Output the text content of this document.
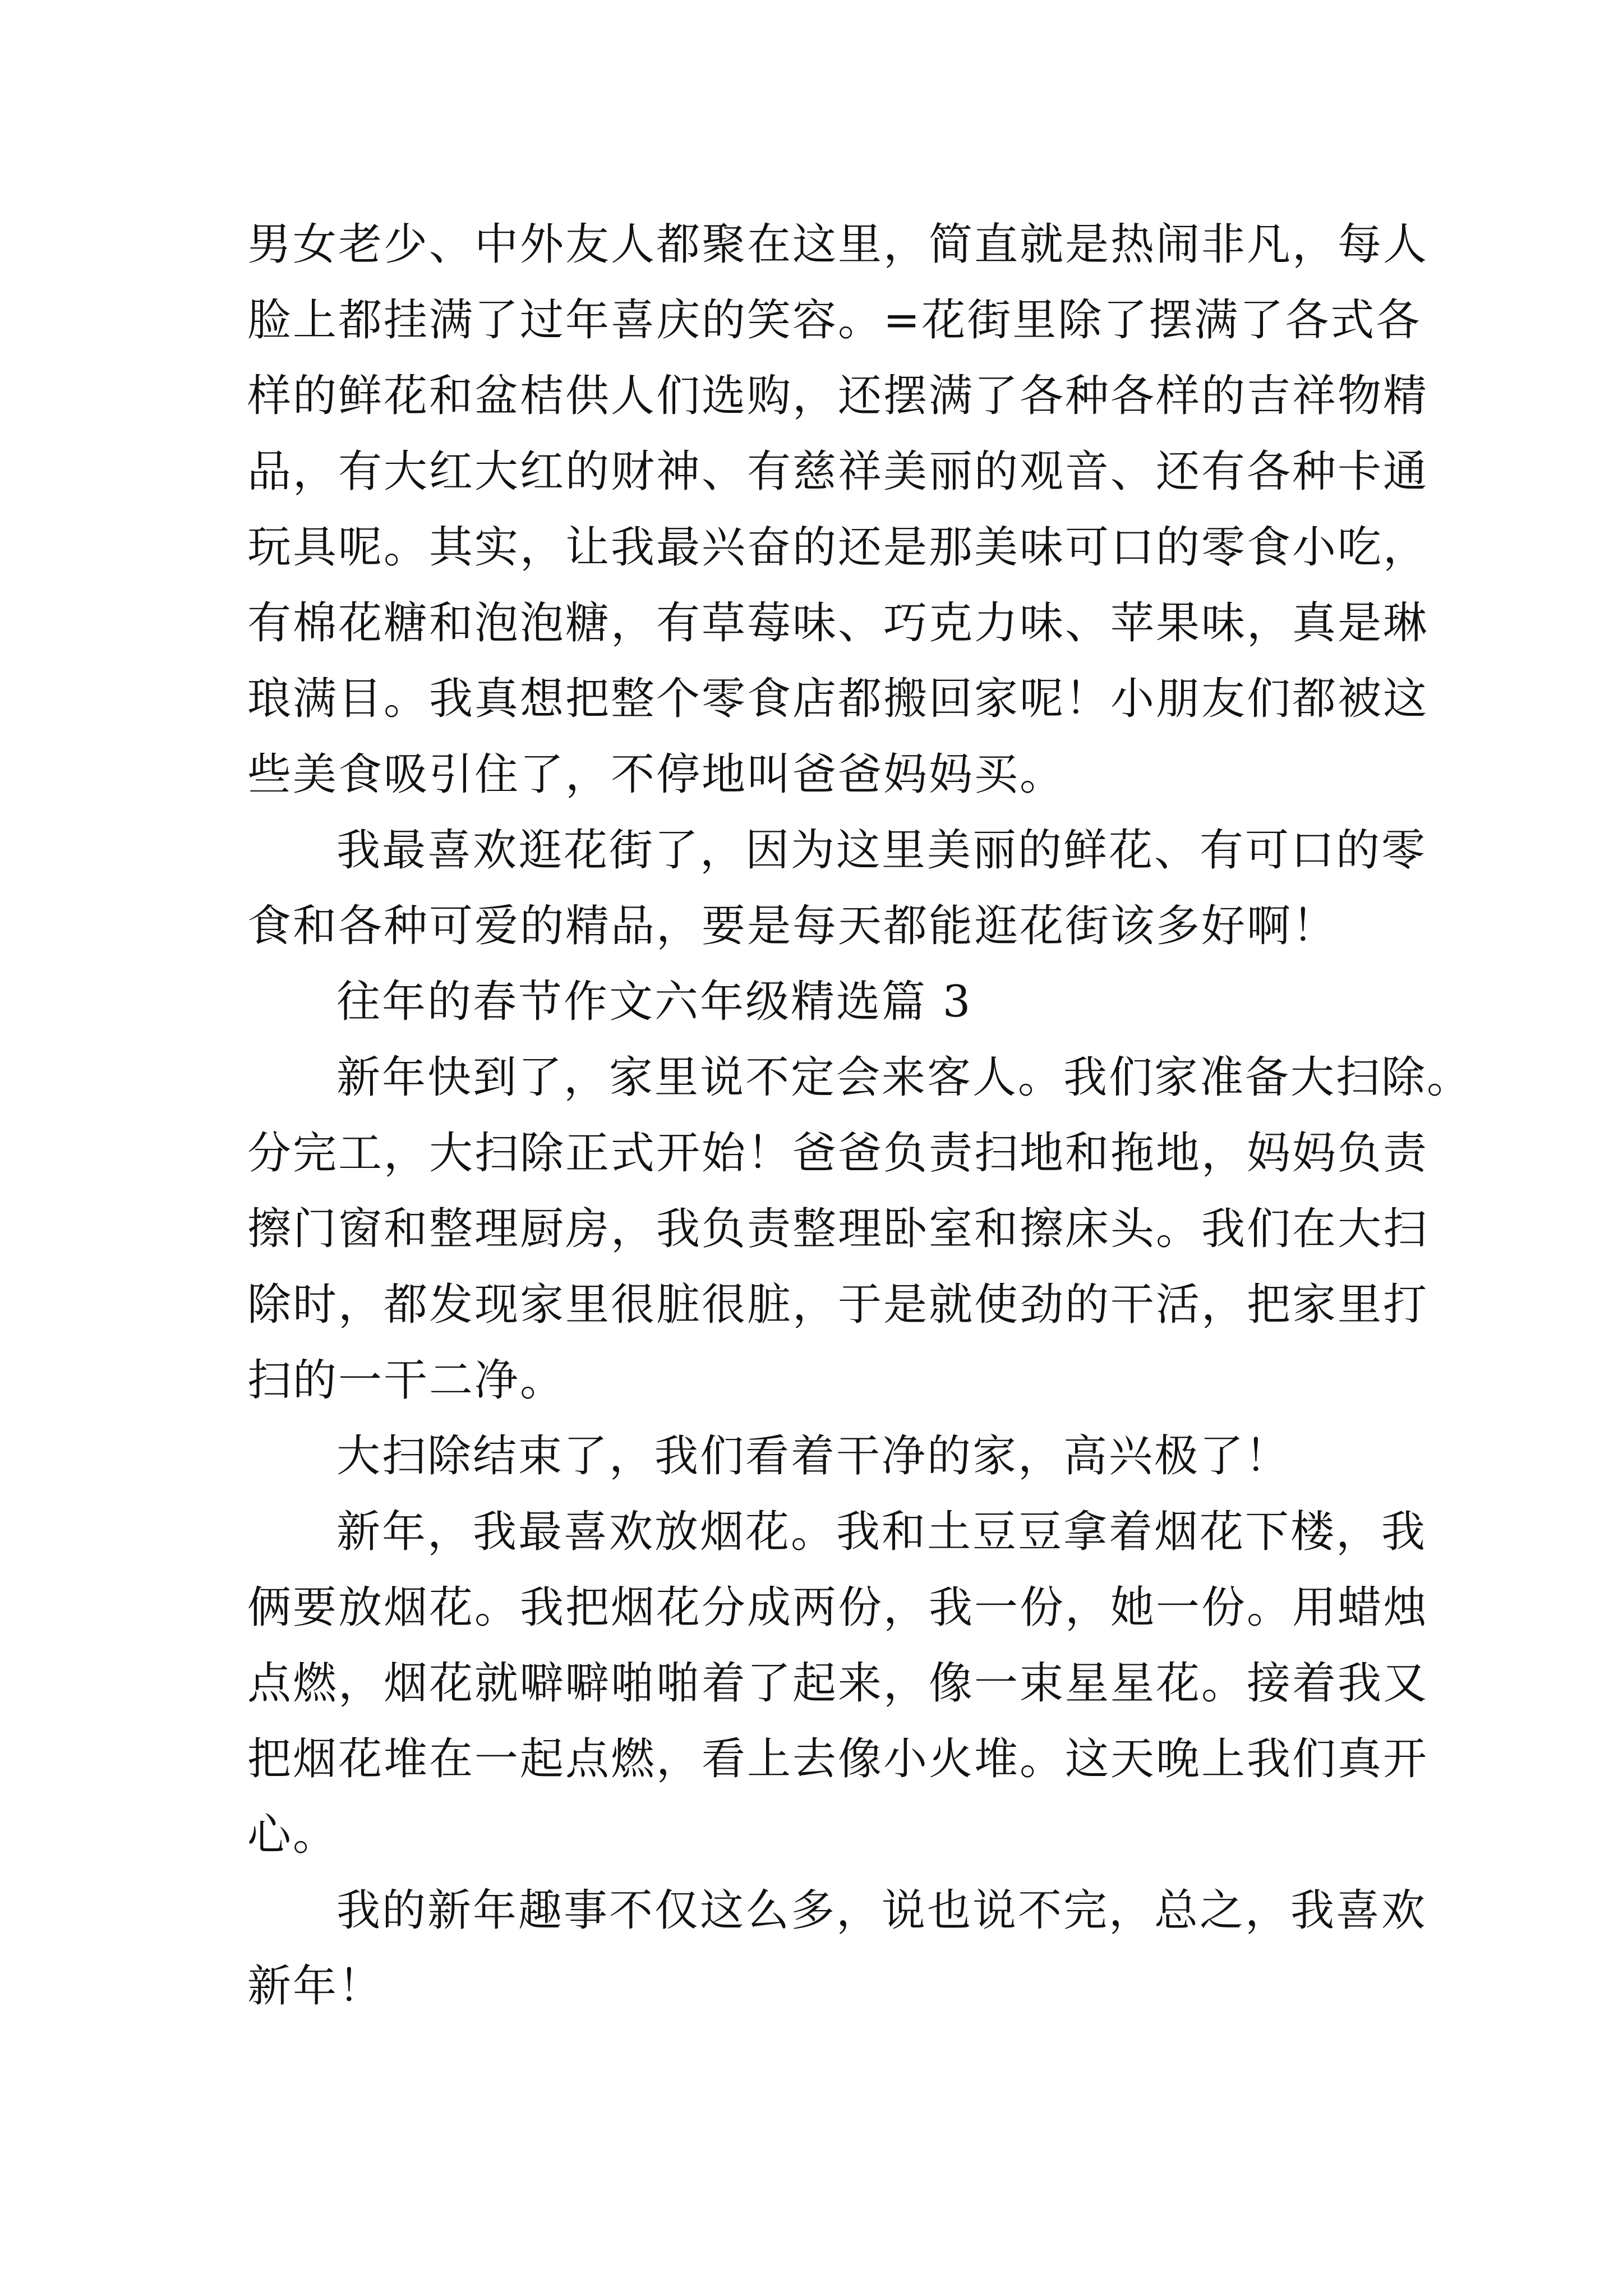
男女老少、中外友人都聚在这里，简直就是热闹非凡，每人

脸上都挂满了过年喜庆的笑容。=花街里除了摆满了各式各

样的鲜花和盆桔供人们选购，还摆满了各种各样的吉祥物精

品，有大红大红的财神、有慈祥美丽的观音、还有各种卡通

玩具呢。其实，让我最兴奋的还是那美味可口的零食小吃，

有棉花糖和泡泡糖，有草莓味、巧克力味、苹果味，真是琳

琅满目。我真想把整个零食店都搬回家呢！小朋友们都被这

些美食吸引住了，不停地叫爸爸妈妈买。

我最喜欢逛花街了，因为这里美丽的鲜花、有可口的零

食和各种可爱的精品，要是每天都能逛花街该多好啊！

往年的春节作文六年级精选篇 3

新年快到了，家里说不定会来客人。我们家准备大扫除。

分完工，大扫除正式开始！爸爸负责扫地和拖地，妈妈负责

擦门窗和整理厨房，我负责整理卧室和擦床头。我们在大扫

除时，都发现家里很脏很脏，于是就使劲的干活，把家里打

扫的一干二净。

大扫除结束了，我们看着干净的家，高兴极了！

新年，我最喜欢放烟花。我和土豆豆拿着烟花下楼，我

俩要放烟花。我把烟花分成两份，我一份，她一份。用蜡烛

点燃，烟花就噼噼啪啪着了起来，像一束星星花。接着我又

把烟花堆在一起点燃，看上去像小火堆。这天晚上我们真开

心。

我的新年趣事不仅这么多，说也说不完，总之，我喜欢

新年！
